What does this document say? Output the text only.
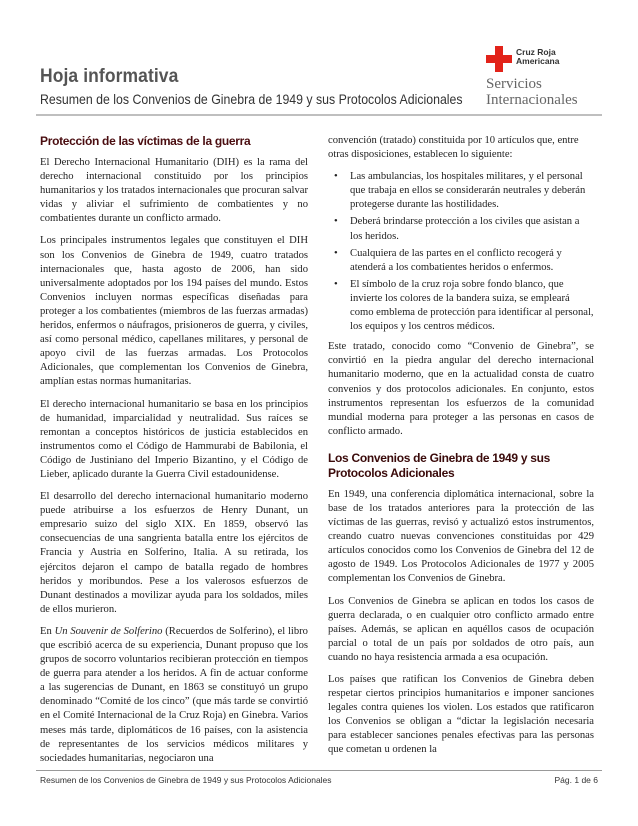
Cruz Roja
Americana
Servicios
Internacionales
Hoja informativa
Resumen de los Convenios de Ginebra de 1949 y sus Protocolos Adicionales
Protección de las víctimas de la guerra

El Derecho Internacional Humanitario (DIH) es la rama del derecho internacional constituido por los principios humanitarios y los tratados internacionales que procuran salvar vidas y aliviar el sufrimiento de combatientes y no combatientes durante un conflicto armado.

Los principales instrumentos legales que constituyen el DIH son los Convenios de Ginebra de 1949, cuatro tratados internacionales que, hasta agosto de 2006, han sido universalmente adoptados por los 194 países del mundo. Estos Convenios incluyen normas específicas diseñadas para proteger a los combatientes (miembros de las fuerzas armadas) heridos, enfermos o náufragos, prisioneros de guerra, y civiles, así como personal médico, capellanes militares, y personal de apoyo civil de las fuerzas armadas. Los Protocolos Adicionales, que complementan los Convenios de Ginebra, amplían estas normas humanitarias.

El derecho internacional humanitario se basa en los principios de humanidad, imparcialidad y neutralidad. Sus raíces se remontan a conceptos históricos de justicia establecidos en instrumentos como el Código de Hammurabi de Babilonia, el Código de Justiniano del Imperio Bizantino, y el Código de Lieber, aplicado durante la Guerra Civil estadounidense.

El desarrollo del derecho internacional humanitario moderno puede atribuirse a los esfuerzos de Henry Dunant, un empresario suizo del siglo XIX. En 1859, observó las consecuencias de una sangrienta batalla entre los ejércitos de Francia y Austria en Solferino, Italia. A su retirada, los ejércitos dejaron el campo de batalla regado de hombres heridos y moribundos. Pese a los valerosos esfuerzos de Dunant destinados a movilizar ayuda para los soldados, miles de ellos murieron.

En Un Souvenir de Solferino (Recuerdos de Solferino), el libro que escribió acerca de su experiencia, Dunant propuso que los grupos de socorro voluntarios recibieran protección en tiempos de guerra para atender a los heridos. A fin de actuar conforme a las sugerencias de Dunant, en 1863 se constituyó un grupo denominado “Comité de los cinco” (que más tarde se convirtió en el Comité Internacional de la Cruz Roja) en Ginebra. Varios meses más tarde, diplomáticos de 16 países, con la asistencia de representantes de los servicios médicos militares y sociedades humanitarias, negociaron una

convención (tratado) constituida por 10 artículos que, entre otras disposiciones, establecen lo siguiente:

• Las ambulancias, los hospitales militares, y el personal que trabaja en ellos se considerarán neutrales y deberán protegerse durante las hostilidades.
• Deberá brindarse protección a los civiles que asistan a los heridos.
• Cualquiera de las partes en el conflicto recogerá y atenderá a los combatientes heridos o enfermos.
• El símbolo de la cruz roja sobre fondo blanco, que invierte los colores de la bandera suiza, se empleará como emblema de protección para identificar al personal, los equipos y los centros médicos.

Este tratado, conocido como “Convenio de Ginebra”, se convirtió en la piedra angular del derecho internacional humanitario moderno, que en la actualidad consta de cuatro convenios y dos protocolos adicionales. En conjunto, estos instrumentos representan los esfuerzos de la comunidad mundial moderna para proteger a las personas en casos de conflicto armado.

Los Convenios de Ginebra de 1949 y sus Protocolos Adicionales

En 1949, una conferencia diplomática internacional, sobre la base de los tratados anteriores para la protección de las víctimas de las guerras, revisó y actualizó estos instrumentos, creando cuatro nuevas convenciones constituidas por 429 artículos conocidos como los Convenios de Ginebra del 12 de agosto de 1949. Los Protocolos Adicionales de 1977 y 2005 complementan los Convenios de Ginebra.

Los Convenios de Ginebra se aplican en todos los casos de guerra declarada, o en cualquier otro conflicto armado entre países. Además, se aplican en aquéllos casos de ocupación parcial o total de un país por soldados de otro país, aun cuando no haya resistencia armada a esa ocupación.

Los países que ratifican los Convenios de Ginebra deben respetar ciertos principios humanitarios e imponer sanciones legales contra quienes los violen. Los estados que ratificaron los Convenios se obligan a “dictar la legislación necesaria para establecer sanciones penales efectivas para las personas que cometan u ordenen la

Resumen de los Convenios de Ginebra de 1949 y sus Protocolos Adicionales	Pág. 1 de 6
